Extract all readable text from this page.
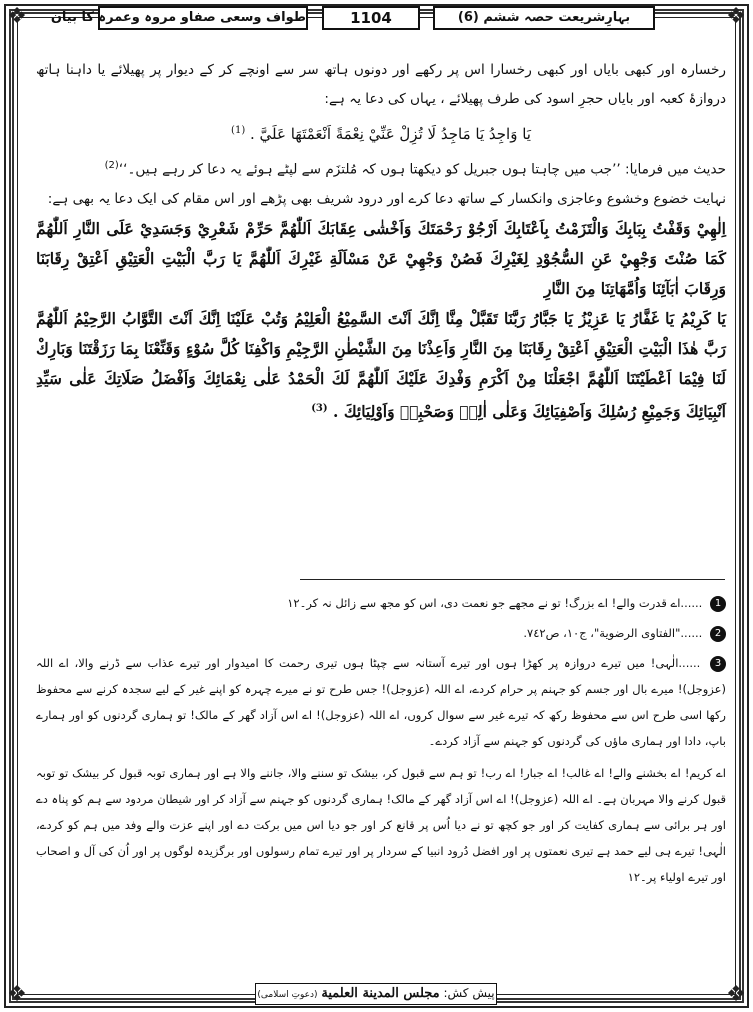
❖	❖
❖	❖
بہارِشریعت حصہ ششم (6)
1104
طواف وسعی صفاو مروہ وعمرہ کا بیان

رخسارہ اور کبھی بایاں اور کبھی رخسارا اس پر رکھے اور دونوں ہاتھ سر سے اونچے کر کے دیوار پر پھیلائے یا داہنا ہاتھ دروازۂ کعبہ اور بایاں حجرِ اسود کی طرف پھیلائے ، یہاں کی دعا یہ ہے:

يَا وَاجِدُ يَا مَاجِدُ لَا تُزِلْ عَنِّيْ نِعْمَةً اَنْعَمْتَهَا عَلَيَّ . $^{(1)}$

حدیث میں فرمایا: ’’جب میں چاہتا ہوں جبریل کو دیکھتا ہوں کہ مُلتزَم سے لپٹے ہوئے یہ دعا کر رہے ہیں۔‘‘$^{(2)}$

نہایت خضوع وخشوع وعاجزی وانکسار کے ساتھ دعا کرے اور درود شریف بھی پڑھے اور اس مقام کی ایک دعا یہ بھی ہے:

اِلٰهِيْ وَقَفْتُ بِبَابِكَ وَالْتَزَمْتُ بِاَعْتَابِكَ اَرْجُوْ رَحْمَتَكَ وَاَخْشٰى عِقَابَكَ اَللّٰهُمَّ حَرِّمْ شَعْرِيْ وَجَسَدِيْ عَلَى النَّارِ اَللّٰهُمَّ كَمَا صُنْتَ وَجْهِيْ عَنِ السُّجُوْدِ لِغَيْرِكَ فَصُنْ وَجْهِيْ عَنْ مَسْاَلَةِ غَيْرِكَ اَللّٰهُمَّ يَا رَبَّ الْبَيْتِ الْعَتِيْقِ اَعْتِقْ رِقَابَنَا وَرِقَابَ اٰبَآئِنَا وَاُمَّهَاتِنَا مِنَ النَّارِ

يَا كَرِيْمُ يَا غَفَّارُ يَا عَزِيْزُ يَا جَبَّارُ رَبَّنَا تَقَبَّلْ مِنَّا اِنَّكَ اَنْتَ السَّمِيْعُ الْعَلِيْمُ وَتُبْ عَلَيْنَا اِنَّكَ اَنْتَ التَّوَّابُ الرَّحِيْمُ اَللّٰهُمَّ رَبَّ هٰذَا الْبَيْتِ الْعَتِيْقِ اَعْتِقْ رِقَابَنَا مِنَ النَّارِ وَاَعِذْنَا مِنَ الشَّيْطٰنِ الرَّجِيْمِ وَاكْفِنَا كُلَّ سُوْءٍ وَقَنِّعْنَا بِمَا رَزَقْتَنَا وَبَارِكْ لَنَا فِيْمَا اَعْطَيْتَنَا اَللّٰهُمَّ اجْعَلْنَا مِنْ اَكْرَمِ وَفْدِكَ عَلَيْكَ اَللّٰهُمَّ لَكَ الْحَمْدُ عَلٰى نِعْمَائِكَ وَاَفْضَلُ صَلَاتِكَ عَلٰى سَيِّدِ اَنْبِيَائِكَ وَجَمِيْعِ رُسُلِكَ وَاَصْفِيَائِكَ وَعَلٰى اٰلِهٖ وَصَحْبِهٖ وَاَوْلِيَائِكَ . $^{(3)}$

1 ......اے قدرت والے! اے بزرگ! تو نے مجھے جو نعمت دی، اس کو مجھ سے زائل نہ کر۔۱۲

2 ......"الفتاوی الرضوية"، ج١٠، ص٧٤٢.

3 ......الٰہی! میں تیرے دروازہ پر کھڑا ہوں اور تیرے آستانہ سے چپٹا ہوں تیری رحمت کا امیدوار اور تیرے عذاب سے ڈرنے والا، اے اللہ (عزوجل)! میرے بال اور جسم کو جہنم پر حرام کردے، اے اللہ (عزوجل)! جس طرح تو نے میرے چہرہ کو اپنے غیر کے لیے سجدہ کرنے سے محفوظ رکھا اسی طرح اس سے محفوظ رکھ کہ تیرے غیر سے سوال کروں، اے اللہ (عزوجل)! اے اس آزاد گھر کے مالک! تو ہماری گردنوں کو اور ہمارے باپ، دادا اور ہماری ماؤں کی گردنوں کو جہنم سے آزاد کردے۔

اے کریم! اے بخشنے والے! اے غالب! اے جبار! اے رب! تو ہم سے قبول کر، بیشک تو سننے والا، جاننے والا ہے اور ہماری توبہ قبول کر بیشک تو توبہ قبول کرنے والا مہربان ہے۔ اے اللہ (عزوجل)! اے اس آزاد گھر کے مالک! ہماری گردنوں کو جہنم سے آزاد کر اور شیطان مردود سے ہم کو پناہ دے اور ہر برائی سے ہماری کفایت کر اور جو کچھ تو نے دیا اُس پر قانع کر اور جو دیا اس میں برکت دے اور اپنے عزت والے وفد میں ہم کو کردے، الٰہی! تیرے ہی لیے حمد ہے تیری نعمتوں پر اور افضل دُرود انبیا کے سردار پر اور تیرے تمام رسولوں اور برگزیدہ لوگوں پر اور اُن کی آل و اصحاب اور تیرے اولیاء پر۔۱۲

پیش کش: مجلس المدينة العلمية (دعوتِ اسلامی)
